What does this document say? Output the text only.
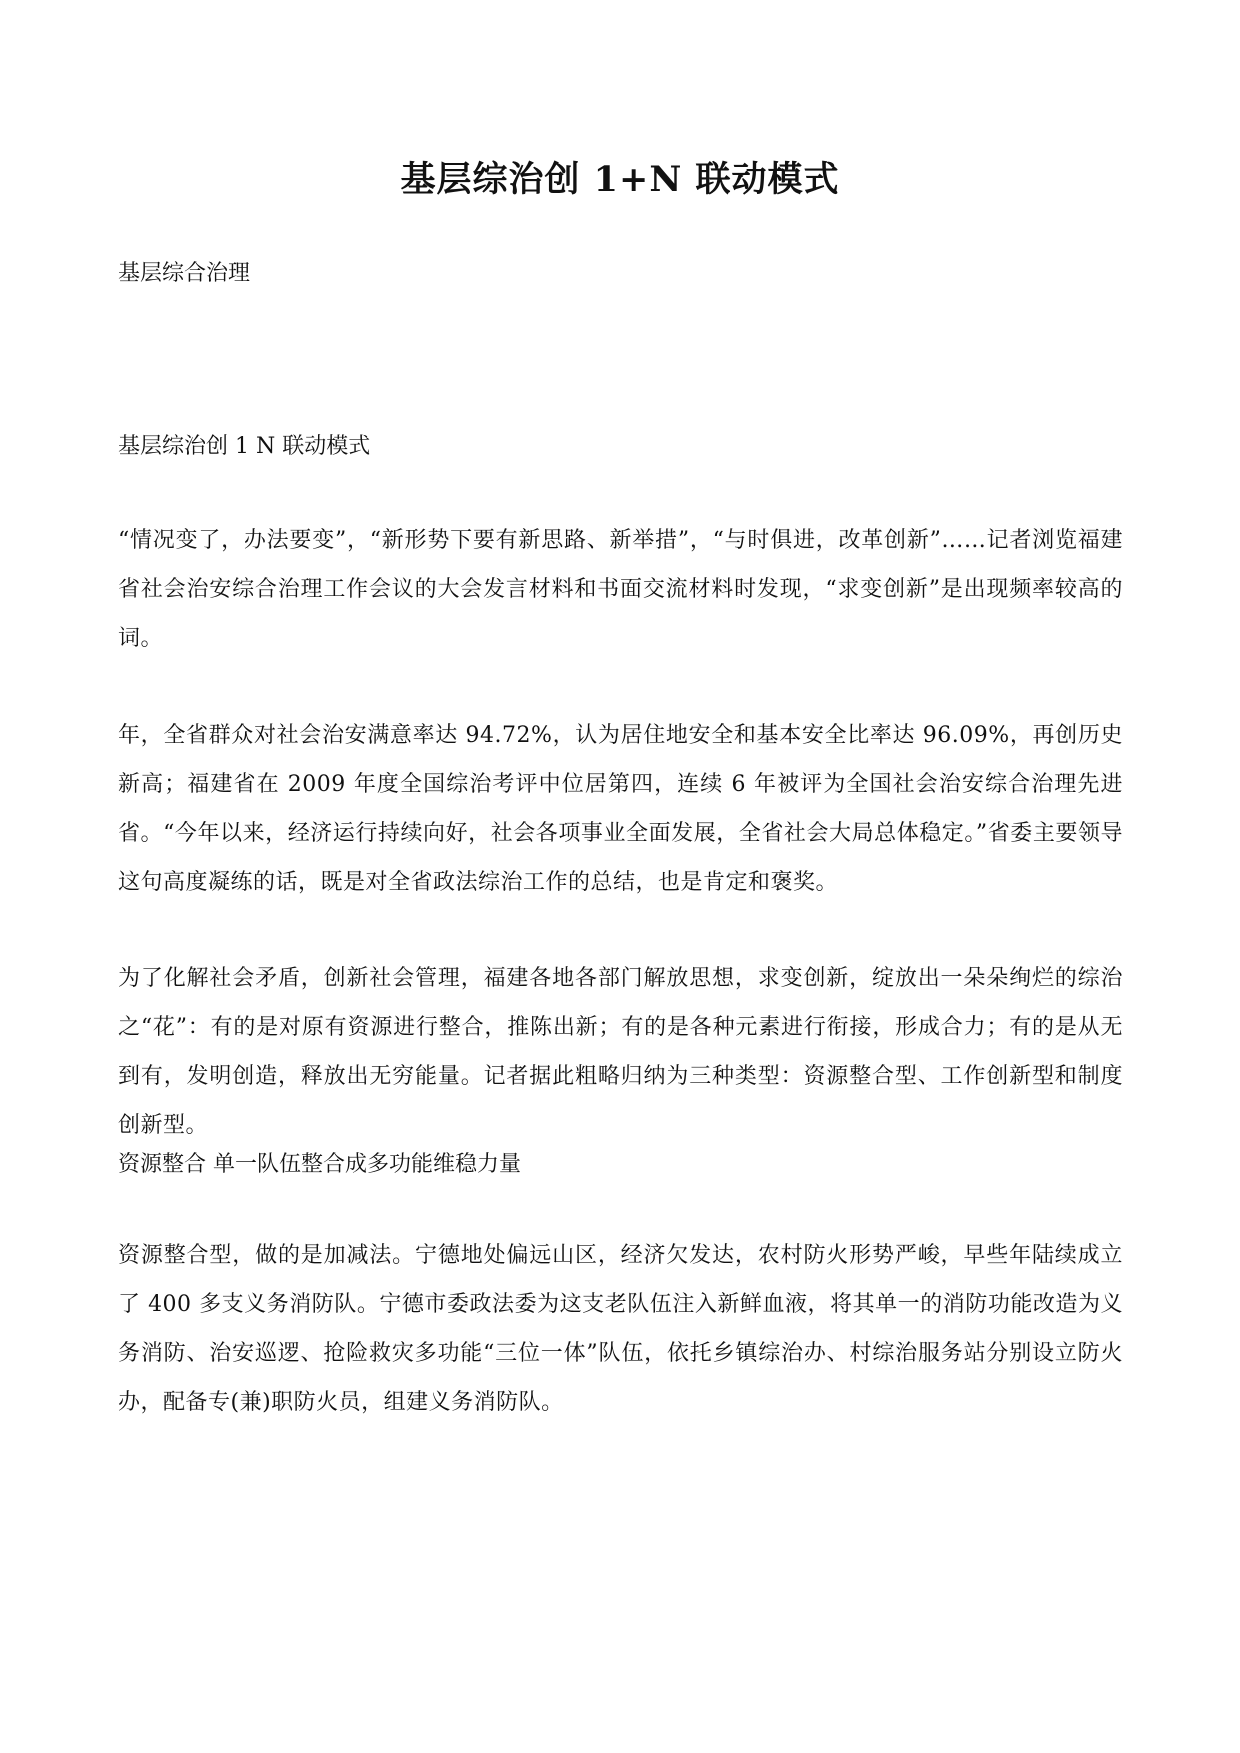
基层综治创 1+N 联动模式

基层综合治理

基层综治创 1 N 联动模式

“情况变了，办法要变”，“新形势下要有新思路、新举措”，“与时俱进，改革创新”……记者浏览福建省社会治安综合治理工作会议的大会发言材料和书面交流材料时发现，“求变创新”是出现频率较高的词。

年，全省群众对社会治安满意率达 94.72%，认为居住地安全和基本安全比率达 96.09%，再创历史新高；福建省在 2009 年度全国综治考评中位居第四，连续 6 年被评为全国社会治安综合治理先进省。“今年以来，经济运行持续向好，社会各项事业全面发展，全省社会大局总体稳定。”省委主要领导这句高度凝练的话，既是对全省政法综治工作的总结，也是肯定和褒奖。

为了化解社会矛盾，创新社会管理，福建各地各部门解放思想，求变创新，绽放出一朵朵绚烂的综治之“花”：有的是对原有资源进行整合，推陈出新；有的是各种元素进行衔接，形成合力；有的是从无到有，发明创造，释放出无穷能量。记者据此粗略归纳为三种类型：资源整合型、工作创新型和制度创新型。

资源整合 单一队伍整合成多功能维稳力量

资源整合型，做的是加减法。宁德地处偏远山区，经济欠发达，农村防火形势严峻，早些年陆续成立了 400 多支义务消防队。宁德市委政法委为这支老队伍注入新鲜血液，将其单一的消防功能改造为义务消防、治安巡逻、抢险救灾多功能“三位一体”队伍，依托乡镇综治办、村综治服务站分别设立防火办，配备专(兼)职防火员，组建义务消防队。
